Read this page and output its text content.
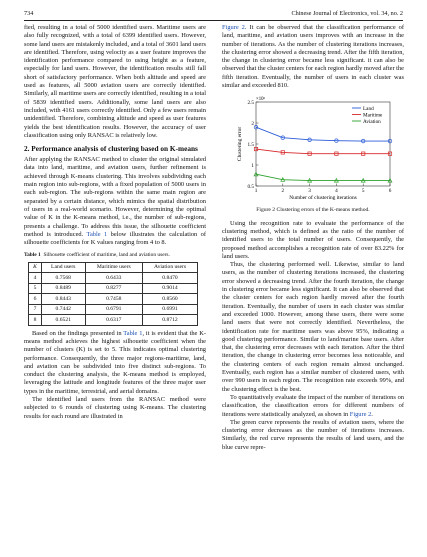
734	Chinese Journal of Electronics, vol. 34, no. 2

fied, resulting in a total of 5000 identified users. Maritime users are also fully recognized, with a total of 6399 identified users. However, some land users are mistakenly included, and a total of 3601 land users are identified. Therefore, using velocity as a user feature improves the identification performance compared to using height as a feature, especially for land users. However, the identification results still fall short of satisfactory performance. When both altitude and speed are used as features, all 5000 aviation users are correctly identified. Similarly, all maritime users are correctly identified, resulting in a total of 5839 identified users. Additionally, some land users are also included, with 4161 users correctly identified. Only a few users remain unidentified. Therefore, combining altitude and speed as user features yields the best identification results. However, the accuracy of user classification using only RANSAC is relatively low.

2. Performance analysis of clustering based on K-means

After applying the RANSAC method to cluster the original simulated data into land, maritime, and aviation users, further refinement is achieved through K-means clustering. This involves subdividing each main region into sub-regions, with a fixed population of 5000 users in each sub-region. The sub-regions within the same main region are separated by a certain distance, which mimics the spatial distribution of users in a real-world scenario. However, determining the optimal value of K in the K-means method, i.e., the number of sub-regions, presents a challenge. To address this issue, the silhouette coefficient method is introduced. Table 1 below illustrates the calculation of silhouette coefficients for K values ranging from 4 to 8.

Table 1 Silhouette coefficient of maritime, land and aviation users.
K	Land users	Maritime users	Aviation users
4	0.7568	0.6433	0.8470
5	0.8489	0.8277	0.9014
6	0.8443	0.7458	0.8560
7	0.7442	0.6791	0.6991
8	0.6521	0.6317	0.8712

Based on the findings presented in Table 1, it is evident that the K-means method achieves the highest silhouette coefficient when the number of clusters (K) is set to 5. This indicates optimal clustering performance. Consequently, the three major regions-maritime, land, and aviation can be subdivided into five distinct sub-regions. To conduct the clustering analysis, the K-means method is employed, leveraging the latitude and longitude features of the three major user types in the maritime, terrestrial, and aerial domains.

The identified land users from the RANSAC method were subjected to 6 rounds of clustering using K-means. The clustering results for each round are illustrated in

Figure 2. It can be observed that the classification performance of land, maritime, and aviation users improves with an increase in the number of iterations. As the number of clustering iterations increases, the clustering error showed a decreasing trend. After the fifth iteration, the change in clustering error became less significant. it can also be observed that the cluster centers for each region hardly moved after the fifth iteration. Eventually, the number of users in each cluster was similar and exceeded 810.

0.5
1
1.5
2
2.5
1	2	3	4	5	6
×10⁶
Number of clustering iterations
Clustering error
Land
Maritime
Aviation
Figure 2 Clustering errors of the K-means method.

Using the recognition rate to evaluate the performance of the clustering method, which is defined as the ratio of the number of identified users to the total number of users. Consequently, the proposed method accomplishes a recognition rate of over 83.22% for land users.

Thus, the clustering performed well. Likewise, similar to land users, as the number of clustering iterations increased, the clustering error showed a decreasing trend. After the fourth iteration, the change in clustering error became less significant. It can also be observed that the cluster centers for each region hardly moved after the fourth iteration. Eventually, the number of users in each cluster was similar and exceeded 1000. However, among these users, there were some land users that were not correctly identified. Nevertheless, the identification rate for maritime users was above 95%, indicating a good clustering performance. Similar to land/marine base users. After that, the clustering error decreases with each iteration. After the third iteration, the change in clustering error becomes less noticeable, and the clustering centers of each region remain almost unchanged. Eventually, each region has a similar number of clustered users, with over 990 users in each region. The recognition rate exceeds 99%, and the clustering effect is the best.

To quantitatively evaluate the impact of the number of iterations on classification, the classification errors for different numbers of iterations were statistically analyzed, as shown in Figure 2.

The green curve represents the results of aviation users, where the clustering error decreases as the number of iterations increases. Similarly, the red curve represents the results of land users, and the blue curve repre-
